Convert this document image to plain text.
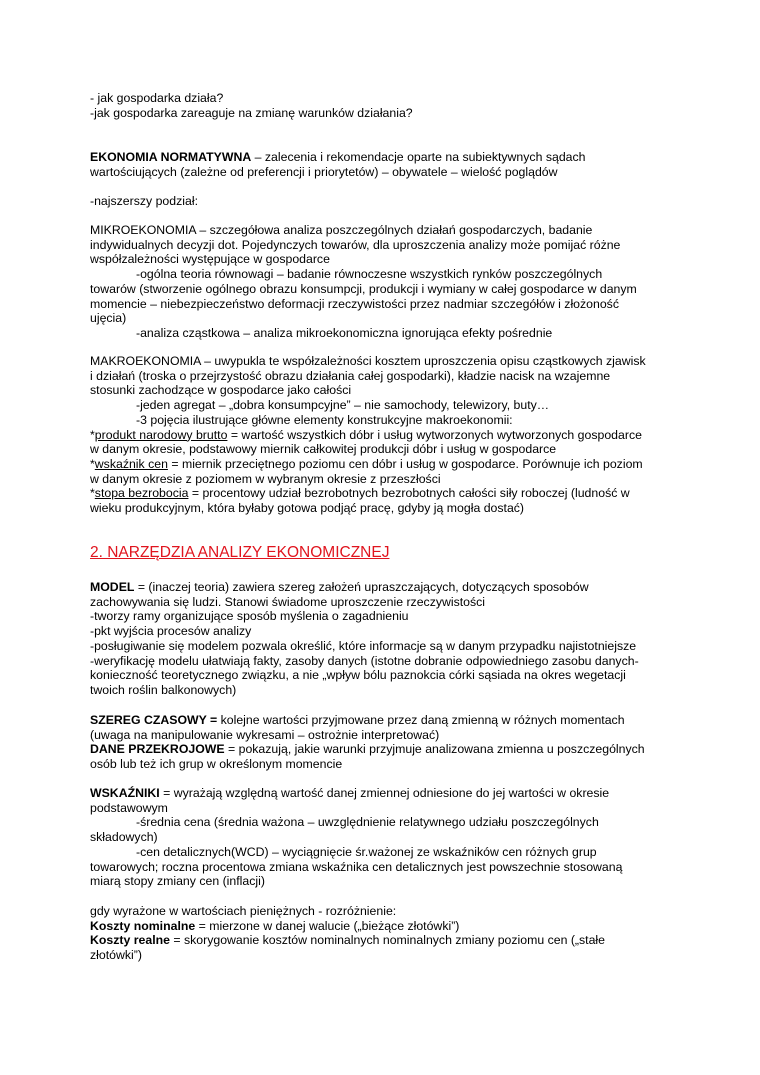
- jak gospodarka działa?
-jak gospodarka zareaguje na zmianę warunków działania?

EKONOMIA NORMATYWNA – zalecenia i rekomendacje oparte na subiektywnych sądach
wartościujących (zależne od preferencji i priorytetów) – obywatele – wielość poglądów

-najszerszy podział:

MIKROEKONOMIA – szczegółowa analiza poszczególnych działań gospodarczych, badanie
indywidualnych decyzji dot. Pojedynczych towarów, dla uproszczenia analizy może pomijać różne
współzależności występujące w gospodarce
-ogólna teoria równowagi – badanie równoczesne wszystkich rynków poszczególnych
towarów (stworzenie ogólnego obrazu konsumpcji, produkcji i wymiany w całej gospodarce w danym
momencie – niebezpieczeństwo deformacji rzeczywistości przez nadmiar szczegółów i złożoność
ujęcia)
-analiza cząstkowa – analiza mikroekonomiczna ignorująca efekty pośrednie

MAKROEKONOMIA – uwypukla te współzależności kosztem uproszczenia opisu cząstkowych zjawisk
i działań (troska o przejrzystość obrazu działania całej gospodarki), kładzie nacisk na wzajemne
stosunki zachodzące w gospodarce jako całości
-jeden agregat – „dobra konsumpcyjne” – nie samochody, telewizory, buty…
-3 pojęcia ilustrujące główne elementy konstrukcyjne makroekonomii:
*produkt narodowy brutto = wartość wszystkich dóbr i usług wytworzonych wytworzonych gospodarce
w danym okresie, podstawowy miernik całkowitej produkcji dóbr i usług w gospodarce
*wskaźnik cen = miernik przeciętnego poziomu cen dóbr i usług w gospodarce. Porównuje ich poziom
w danym okresie z poziomem w wybranym okresie z przeszłości
*stopa bezrobocia = procentowy udział bezrobotnych bezrobotnych całości siły roboczej (ludność w
wieku produkcyjnym, która byłaby gotowa podjąć pracę, gdyby ją mogła dostać)

2. NARZĘDZIA ANALIZY EKONOMICZNEJ

MODEL = (inaczej teoria) zawiera szereg założeń upraszczających, dotyczących sposobów
zachowywania się ludzi. Stanowi świadome uproszczenie rzeczywistości
-tworzy ramy organizujące sposób myślenia o zagadnieniu
-pkt wyjścia procesów analizy
-posługiwanie się modelem pozwala określić, które informacje są w danym przypadku najistotniejsze
-weryfikację modelu ułatwiają fakty, zasoby danych (istotne dobranie odpowiedniego zasobu danych-
konieczność teoretycznego związku, a nie „wpływ bólu paznokcia córki sąsiada na okres wegetacji
twoich roślin balkonowych)

SZEREG CZASOWY = kolejne wartości przyjmowane przez daną zmienną w różnych momentach
(uwaga na manipulowanie wykresami – ostrożnie interpretować)
DANE PRZEKROJOWE = pokazują, jakie warunki przyjmuje analizowana zmienna u poszczególnych
osób lub też ich grup w określonym momencie

WSKAŹNIKI = wyrażają względną wartość danej zmiennej odniesione do jej wartości w okresie
podstawowym
-średnia cena (średnia ważona – uwzględnienie relatywnego udziału poszczególnych
składowych)
-cen detalicznych(WCD) – wyciągnięcie śr.ważonej ze wskaźników cen różnych grup
towarowych; roczna procentowa zmiana wskaźnika cen detalicznych jest powszechnie stosowaną
miarą stopy zmiany cen (inflacji)

gdy wyrażone w wartościach pieniężnych - rozróżnienie:
Koszty nominalne = mierzone w danej walucie („bieżące złotówki”)
Koszty realne = skorygowanie kosztów nominalnych nominalnych zmiany poziomu cen („stałe
złotówki”)
